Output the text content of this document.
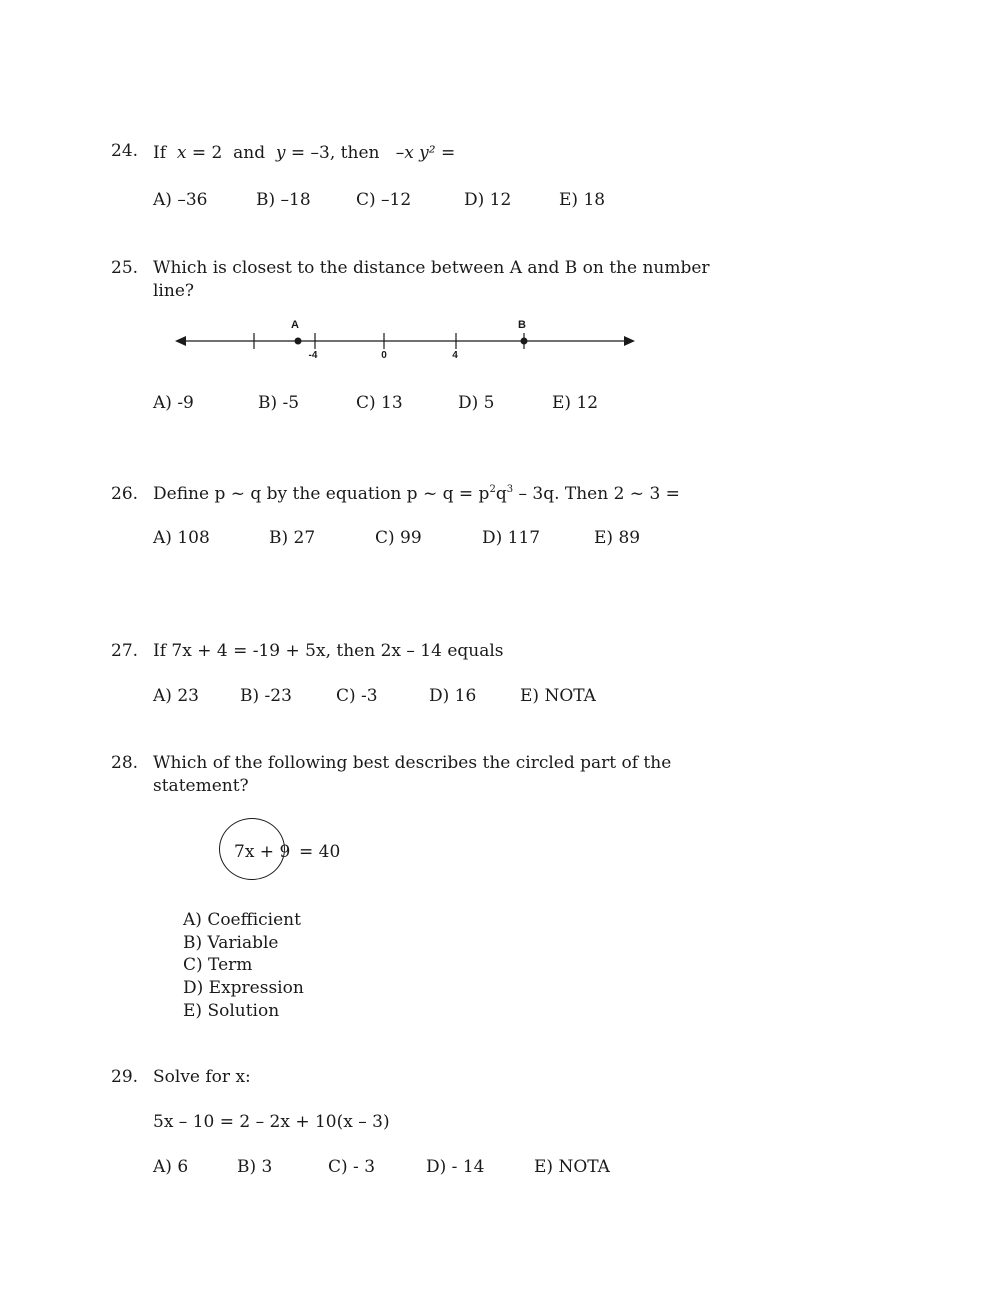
24. If x = 2 and y = –3, then –x y² =
A) –36	B) –18	C) –12	D) 12	E) 18
25. Which is closest to the distance between A and B on the number
line?
A	B
-4	0	4
A) -9	B) -5	C) 13	D) 5	E) 12
26. Define p ~ q by the equation p ~ $q = p^2q^3 - 3q$. Then 2 ~ 3 =
A) 108	B) 27	C) 99	D) 117	E) 89
27. If 7x + 4 = -19 + 5x, then 2x – 14 equals
A) 23 B) -23	C) -3	D) 16	E) NOTA
28. Which of the following best describes the circled part of the
statement?
7x + 9 = 40
A) Coefficient
B) Variable
C) Term
D) Expression
E) Solution
29. Solve for x:
5x – 10 = 2 – 2x + 10(x – 3)
A) 6	B) 3	C) - 3	D) - 14	E) NOTA
